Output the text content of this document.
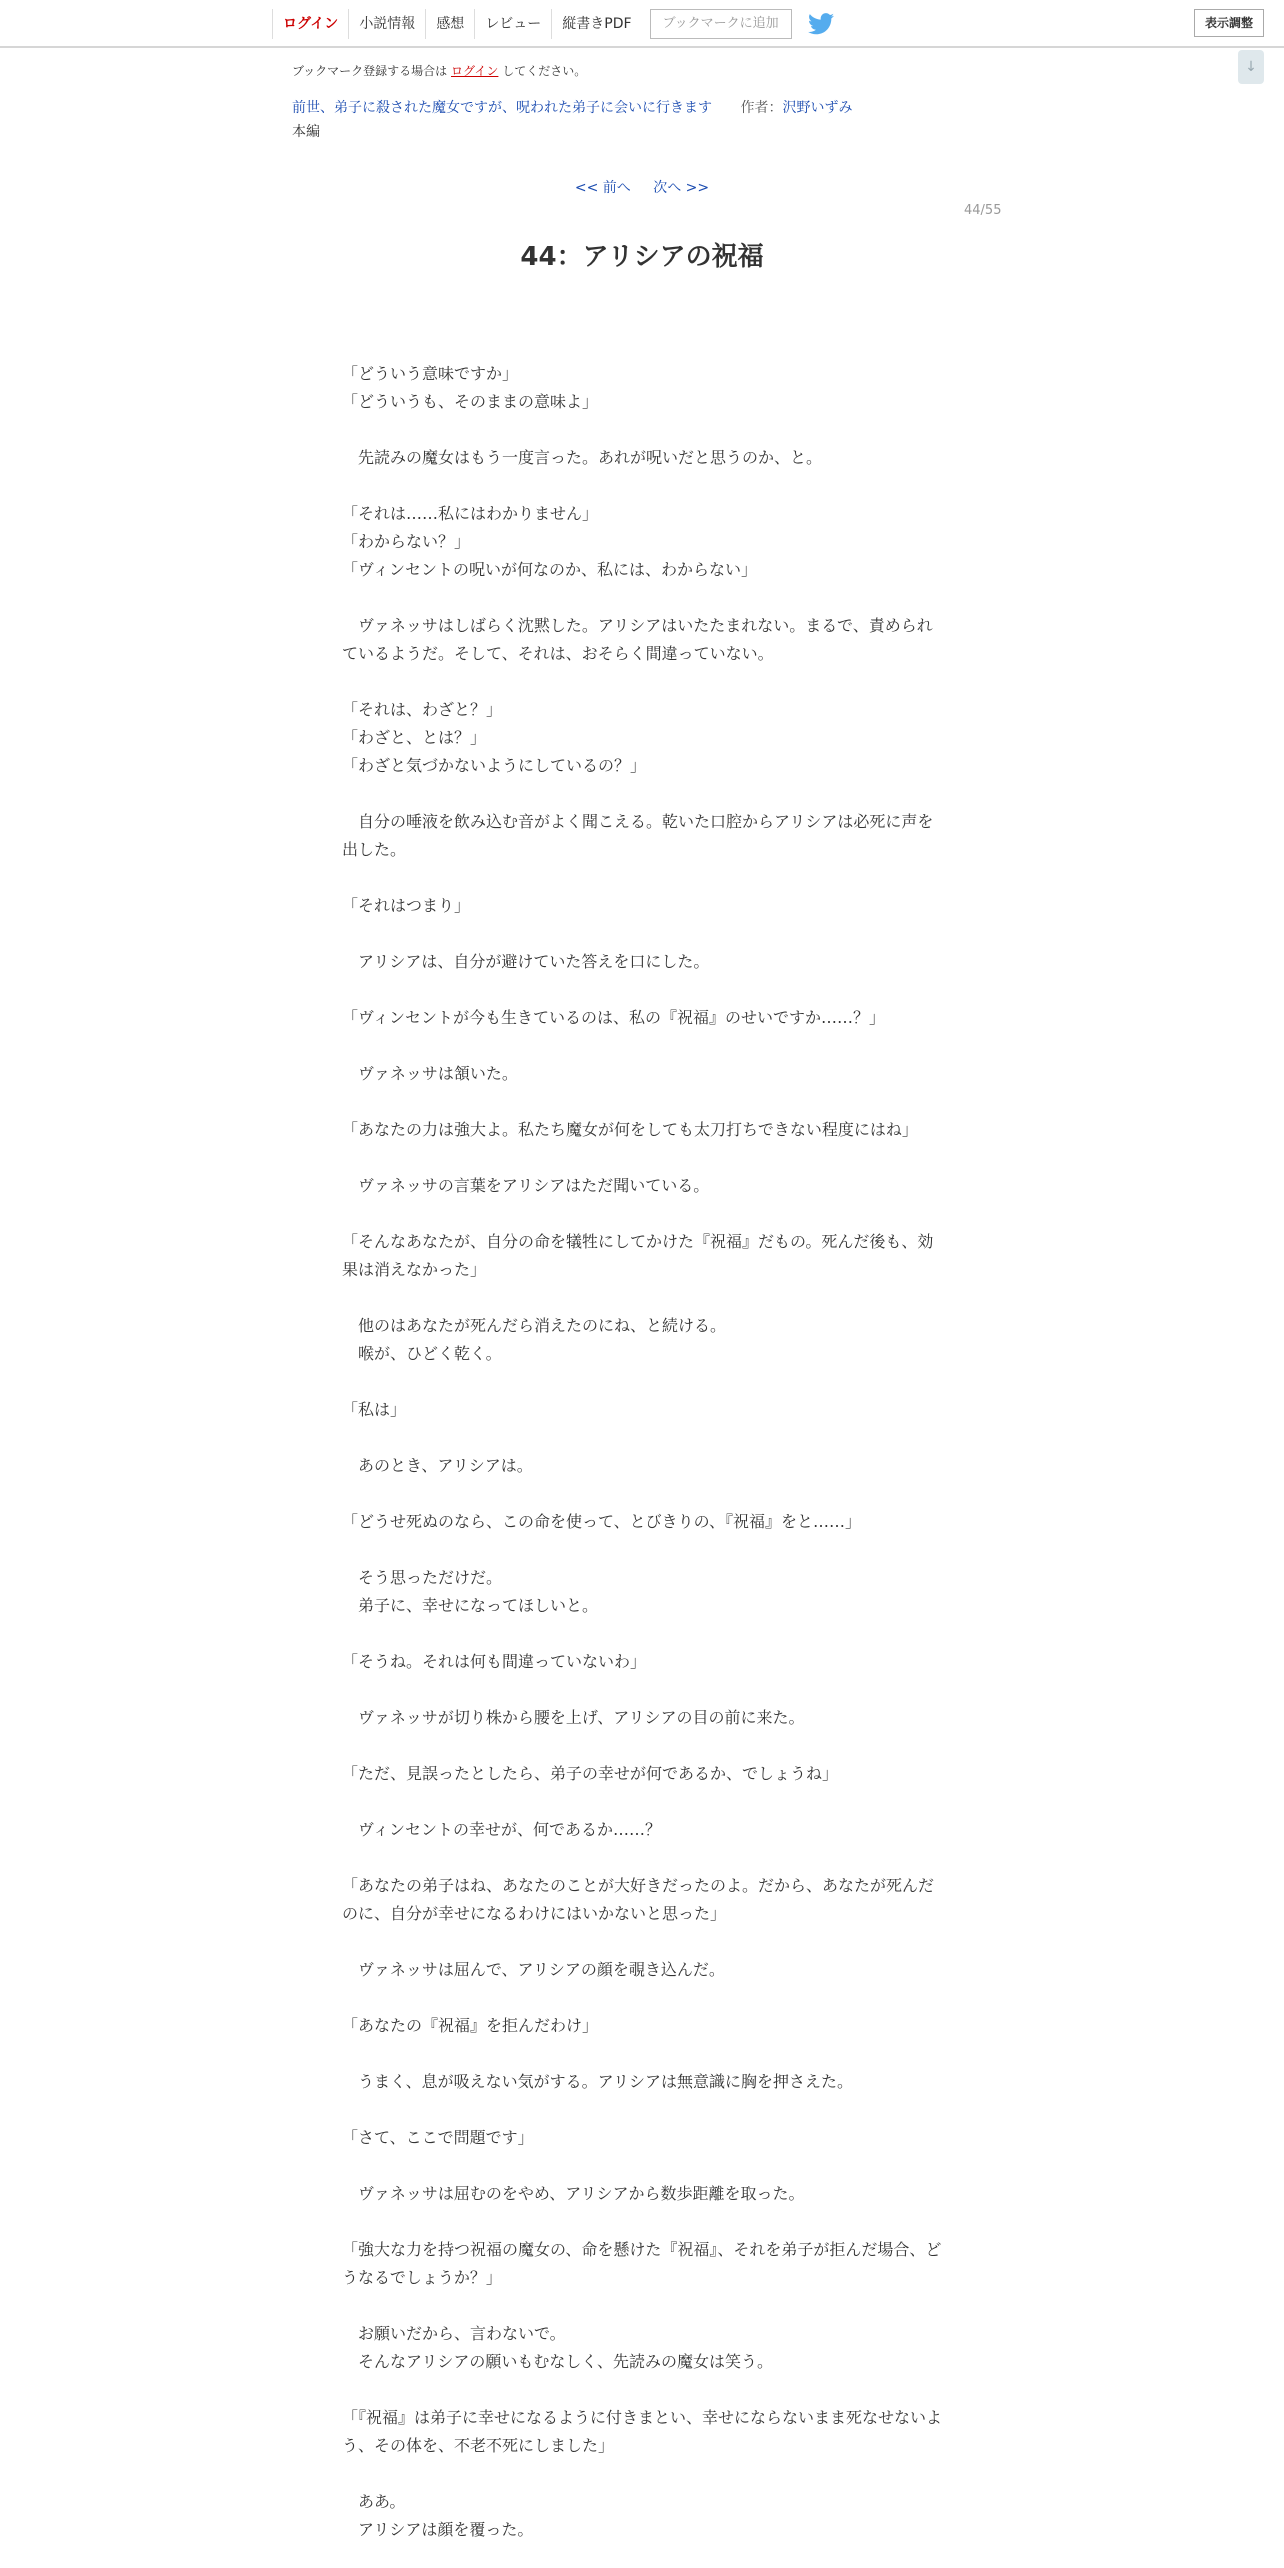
ログイン	小説情報	感想	レビュー	縦書きPDF	ブックマークに追加	表示調整
↓
ブックマーク登録する場合は ログイン してください。
前世、弟子に殺された魔女ですが、呪われた弟子に会いに行きます 作者：沢野いずみ
本編
<< 前へ 次へ >>
44/55
44：アリシアの祝福

「どういう意味ですか」

「どういうも、そのままの意味よ」

　先読みの魔女はもう一度言った。あれが呪いだと思うのか、と。

「それは……私にはわかりません」

「わからない？」

「ヴィンセントの呪いが何なのか、私には、わからない」

　ヴァネッサはしばらく沈黙した。アリシアはいたたまれない。まるで、責められているようだ。そして、それは、おそらく間違っていない。

「それは、わざと？」

「わざと、とは？」

「わざと気づかないようにしているの？」

　自分の唾液を飲み込む音がよく聞こえる。乾いた口腔からアリシアは必死に声を出した。

「それはつまり」

　アリシアは、自分が避けていた答えを口にした。

「ヴィンセントが今も生きているのは、私の『祝福』のせいですか……？」

　ヴァネッサは頷いた。

「あなたの力は強大よ。私たち魔女が何をしても太刀打ちできない程度にはね」

　ヴァネッサの言葉をアリシアはただ聞いている。

「そんなあなたが、自分の命を犠牲にしてかけた『祝福』だもの。死んだ後も、効果は消えなかった」

　他のはあなたが死んだら消えたのにね、と続ける。

　喉が、ひどく乾く。

「私は」

　あのとき、アリシアは。

「どうせ死ぬのなら、この命を使って、とびきりの、『祝福』をと……」

　そう思っただけだ。

　弟子に、幸せになってほしいと。

「そうね。それは何も間違っていないわ」

　ヴァネッサが切り株から腰を上げ、アリシアの目の前に来た。

「ただ、見誤ったとしたら、弟子の幸せが何であるか、でしょうね」

　ヴィンセントの幸せが、何であるか……？

「あなたの弟子はね、あなたのことが大好きだったのよ。だから、あなたが死んだのに、自分が幸せになるわけにはいかないと思った」

　ヴァネッサは屈んで、アリシアの顔を覗き込んだ。

「あなたの『祝福』を拒んだわけ」

　うまく、息が吸えない気がする。アリシアは無意識に胸を押さえた。

「さて、ここで問題です」

　ヴァネッサは屈むのをやめ、アリシアから数歩距離を取った。

「強大な力を持つ祝福の魔女の、命を懸けた『祝福』、それを弟子が拒んだ場合、どうなるでしょうか？」

　お願いだから、言わないで。

　そんなアリシアの願いもむなしく、先読みの魔女は笑う。

「『祝福』は弟子に幸せになるように付きまとい、幸せにならないまま死なせないよう、その体を、不老不死にしました」

　ああ。

　アリシアは顔を覆った。
